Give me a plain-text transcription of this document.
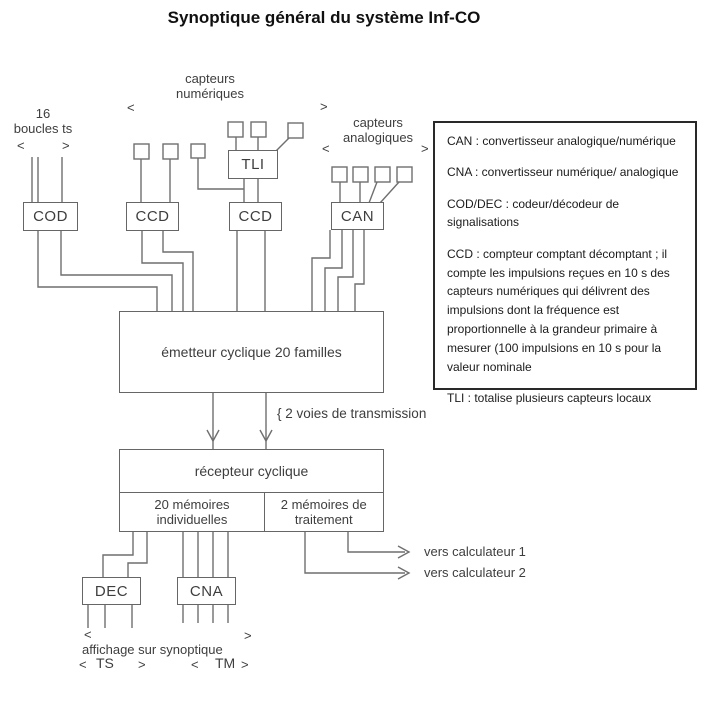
Synoptique général du système Inf-CO
COD	CCD
TLI
CCD	CAN
émetteur cyclique 20 familles
récepteur cyclique
20 mémoires individuelles
2 mémoires de traitement
DEC	CNA
16
boucles ts
<	>
capteurs numériques
<	>
capteurs analogiques
<	>
{ 2 voies de transmission
vers calculateur 1
vers calculateur 2
<	>
affichage sur synoptique
< TS >	< TM >

CAN : convertisseur analogique/numérique

CNA : convertisseur numérique/ analogique

COD/DEC : codeur/décodeur de signalisations

CCD : compteur comptant décomptant ; il compte les impulsions reçues en 10 s des capteurs numériques qui délivrent des impulsions dont la fréquence est proportionnelle à la grandeur primaire à mesurer (100 impulsions en 10 s pour la valeur nominale

TLI : totalise plusieurs capteurs locaux
